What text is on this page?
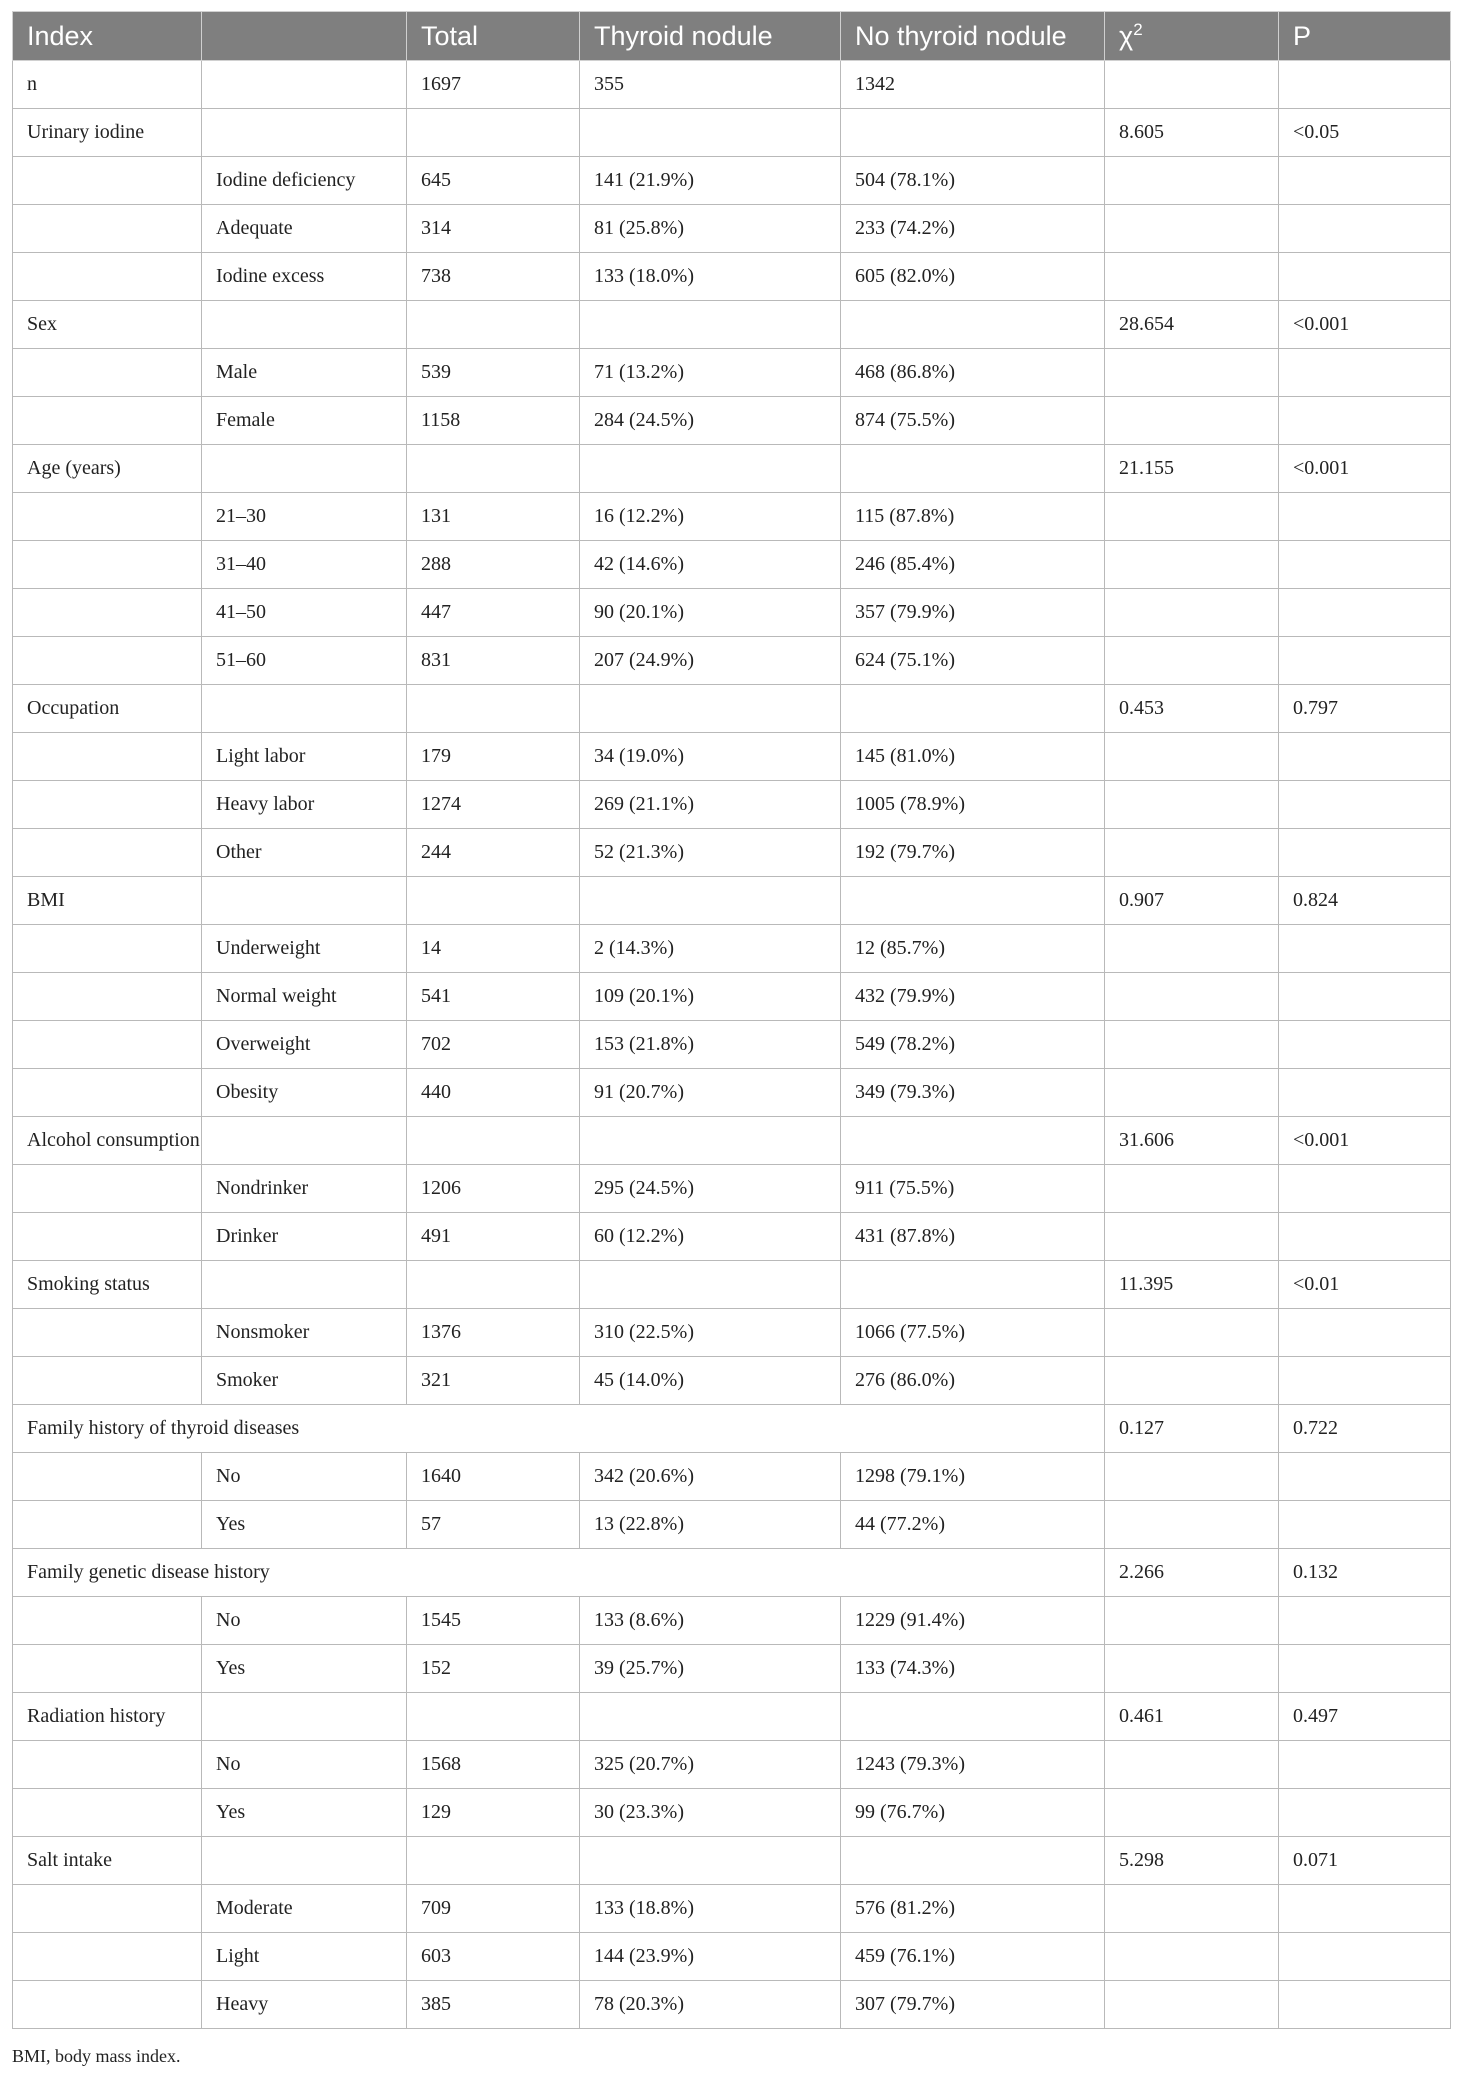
Index		Total	Thyroid nodule	No thyroid nodule	$\chi^2$	P
n		1697	355	1342		
Urinary iodine					8.605	<0.05
	Iodine deficiency	645	141 (21.9%)	504 (78.1%)		
	Adequate	314	81 (25.8%)	233 (74.2%)		
	Iodine excess	738	133 (18.0%)	605 (82.0%)		
Sex					28.654	<0.001
	Male	539	71 (13.2%)	468 (86.8%)		
	Female	1158	284 (24.5%)	874 (75.5%)		
Age (years)					21.155	<0.001
	21–30	131	16 (12.2%)	115 (87.8%)		
	31–40	288	42 (14.6%)	246 (85.4%)		
	41–50	447	90 (20.1%)	357 (79.9%)		
	51–60	831	207 (24.9%)	624 (75.1%)		
Occupation					0.453	0.797
	Light labor	179	34 (19.0%)	145 (81.0%)		
	Heavy labor	1274	269 (21.1%)	1005 (78.9%)		
	Other	244	52 (21.3%)	192 (79.7%)		
BMI					0.907	0.824
	Underweight	14	2 (14.3%)	12 (85.7%)		
	Normal weight	541	109 (20.1%)	432 (79.9%)		
	Overweight	702	153 (21.8%)	549 (78.2%)		
	Obesity	440	91 (20.7%)	349 (79.3%)		
Alcohol consumption					31.606	<0.001
	Nondrinker	1206	295 (24.5%)	911 (75.5%)		
	Drinker	491	60 (12.2%)	431 (87.8%)		
Smoking status					11.395	<0.01
	Nonsmoker	1376	310 (22.5%)	1066 (77.5%)		
	Smoker	321	45 (14.0%)	276 (86.0%)		
Family history of thyroid diseases					0.127	0.722
	No	1640	342 (20.6%)	1298 (79.1%)		
	Yes	57	13 (22.8%)	44 (77.2%)		
Family genetic disease history					2.266	0.132
	No	1545	133 (8.6%)	1229 (91.4%)		
	Yes	152	39 (25.7%)	133 (74.3%)		
Radiation history					0.461	0.497
	No	1568	325 (20.7%)	1243 (79.3%)		
	Yes	129	30 (23.3%)	99 (76.7%)		
Salt intake					5.298	0.071
	Moderate	709	133 (18.8%)	576 (81.2%)		
	Light	603	144 (23.9%)	459 (76.1%)		
	Heavy	385	78 (20.3%)	307 (79.7%)		

BMI, body mass index.
